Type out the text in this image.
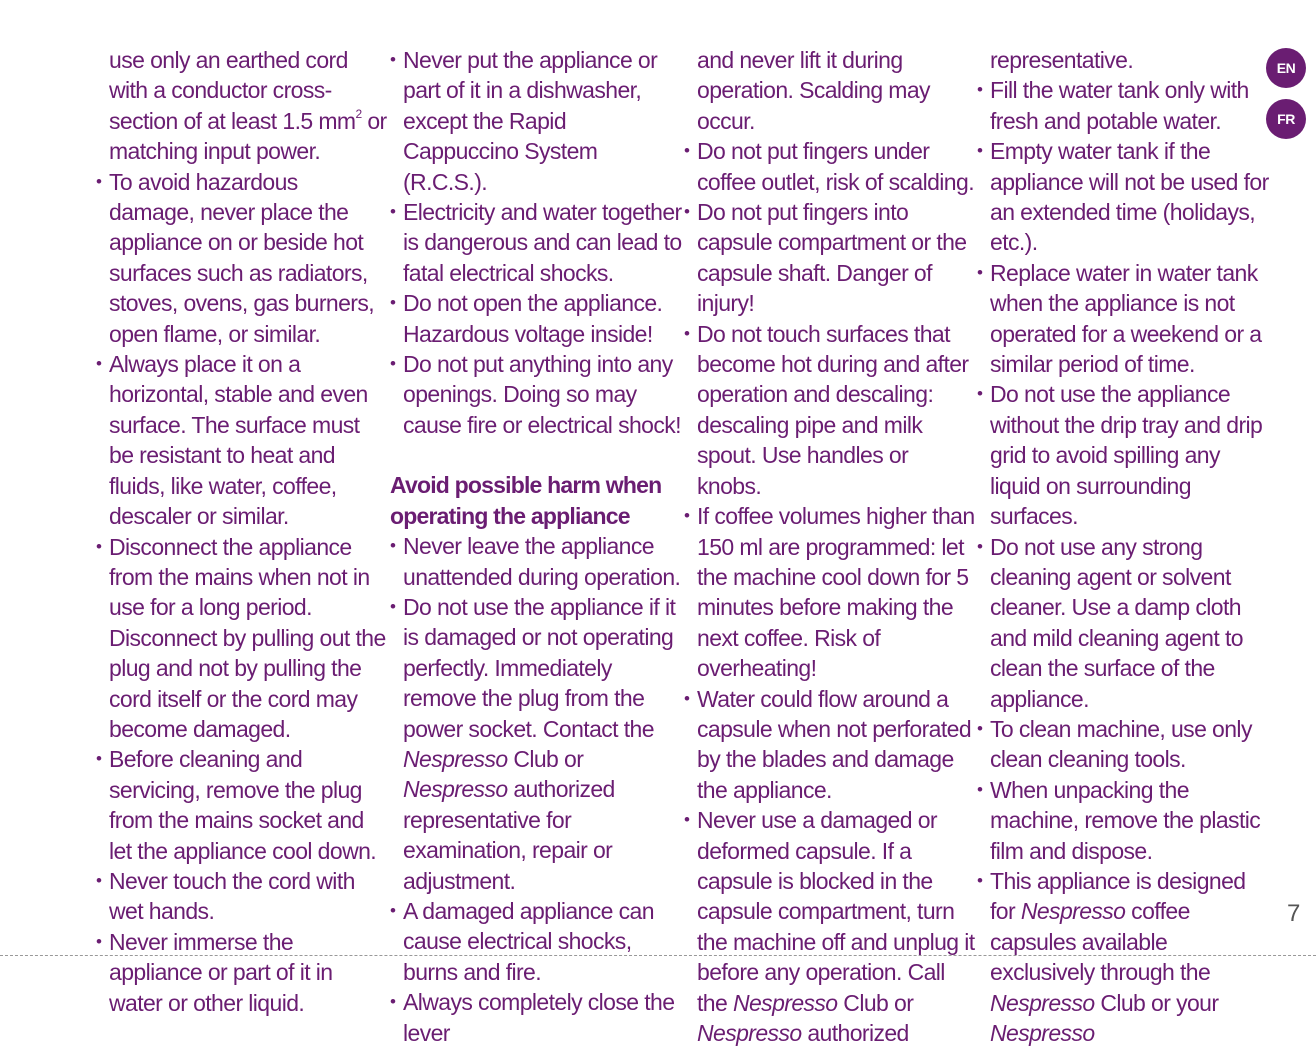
use only an earthed cord with a conductor cross-section of at least 1.5 $mm^2$ or matching input power.

• To avoid hazardous damage, never place the appliance on or beside hot surfaces such as radiators, stoves, ovens, gas burners, open flame, or similar.
• Always place it on a horizontal, stable and even surface. The surface must be resistant to heat and fluids, like water, coffee, descaler or similar.
• Disconnect the appliance from the mains when not in use for a long period. Disconnect by pulling out the plug and not by pulling the cord itself or the cord may become damaged.
• Before cleaning and servicing, remove the plug from the mains socket and let the appliance cool down.
• Never touch the cord with wet hands.
• Never immerse the appliance or part of it in water or other liquid.
• Never put the appliance or part of it in a dishwasher, except the Rapid Cappuccino System (R.C.S.).
• Electricity and water together is dangerous and can lead to fatal electrical shocks.
• Do not open the appliance. Hazardous voltage inside!
• Do not put anything into any openings. Doing so may cause fire or electrical shock!

Avoid possible harm when operating the appliance

• Never leave the appliance unattended during operation.
• Do not use the appliance if it is damaged or not operating perfectly. Immediately remove the plug from the power socket. Contact the Nespresso Club or Nespresso authorized representative for examination, repair or adjustment.
• A damaged appliance can cause electrical shocks, burns and fire.
• Always completely close the lever

and never lift it during operation. Scalding may occur.

• Do not put fingers under coffee outlet, risk of scalding.
• Do not put fingers into capsule compartment or the capsule shaft. Danger of injury!
• Do not touch surfaces that become hot during and after operation and descaling: descaling pipe and milk spout. Use handles or knobs.
• If coffee volumes higher than 150 ml are programmed: let the machine cool down for 5 minutes before making the next coffee. Risk of overheating!
• Water could flow around a capsule when not perforated by the blades and damage the appliance.
• Never use a damaged or deformed capsule. If a capsule is blocked in the capsule compartment, turn the machine off and unplug it before any operation. Call the Nespresso Club or Nespresso authorized

representative.

• Fill the water tank only with fresh and potable water.
• Empty water tank if the appliance will not be used for an extended time (holidays, etc.).
• Replace water in water tank when the appliance is not operated for a weekend or a similar period of time.
• Do not use the appliance without the drip tray and drip grid to avoid spilling any liquid on surrounding surfaces.
• Do not use any strong cleaning agent or solvent cleaner. Use a damp cloth and mild cleaning agent to clean the surface of the appliance.
• To clean machine, use only clean cleaning tools.
• When unpacking the machine, remove the plastic film and dispose.
• This appliance is designed for Nespresso coffee capsules available exclusively through the Nespresso Club or your Nespresso
EN
FR
7
